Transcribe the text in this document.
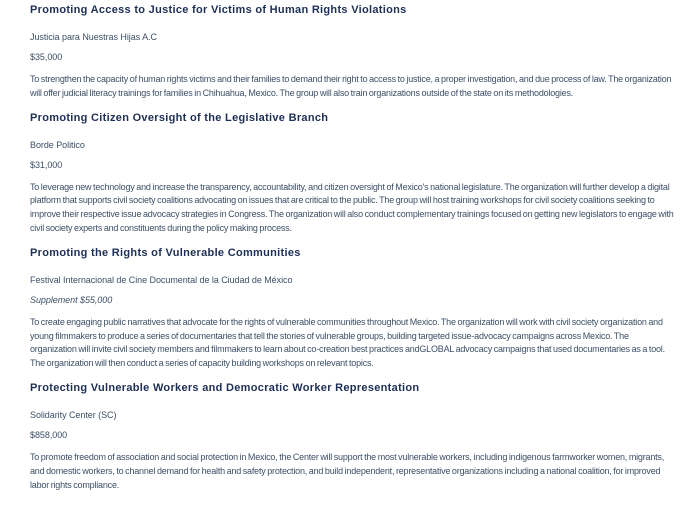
Promoting Access to Justice for Victims of Human Rights Violations

Justicia para Nuestras Hijas A.C

$35,000

To strengthen the capacity of human rights victims and their families to demand their right to access to justice, a proper investigation, and due process of law. The organization will offer judicial literacy trainings for families in Chihuahua, Mexico. The group will also train organizations outside of the state on its methodologies.

Promoting Citizen Oversight of the Legislative Branch

Borde Politico

$31,000

To leverage new technology and increase the transparency, accountability, and citizen oversight of Mexico's national legislature. The organization will further develop a digital platform that supports civil society coalitions advocating on issues that are critical to the public. The group will host training workshops for civil society coalitions seeking to improve their respective issue advocacy strategies in Congress. The organization will also conduct complementary trainings focused on getting new legislators to engage with civil society experts and constituents during the policy making process.

Promoting the Rights of Vulnerable Communities

Festival Internacional de Cine Documental de la Ciudad de México

Supplement $55,000

To create engaging public narratives that advocate for the rights of vulnerable communities throughout Mexico. The organization will work with civil society organization and young filmmakers to produce a series of documentaries that tell the stories of vulnerable groups, building targeted issue-advocacy campaigns across Mexico. The organization will invite civil society members and filmmakers to learn about co-creation best practices andGLOBAL advocacy campaigns that used documentaries as a tool. The organization will then conduct a series of capacity building workshops on relevant topics.

Protecting Vulnerable Workers and Democratic Worker Representation

Solidarity Center (SC)

$858,000

To promote freedom of association and social protection in Mexico, the Center will support the most vulnerable workers, including indigenous farmworker women, migrants, and domestic workers, to channel demand for health and safety protection, and build independent, representative organizations including a national coalition, for improved labor rights compliance.
